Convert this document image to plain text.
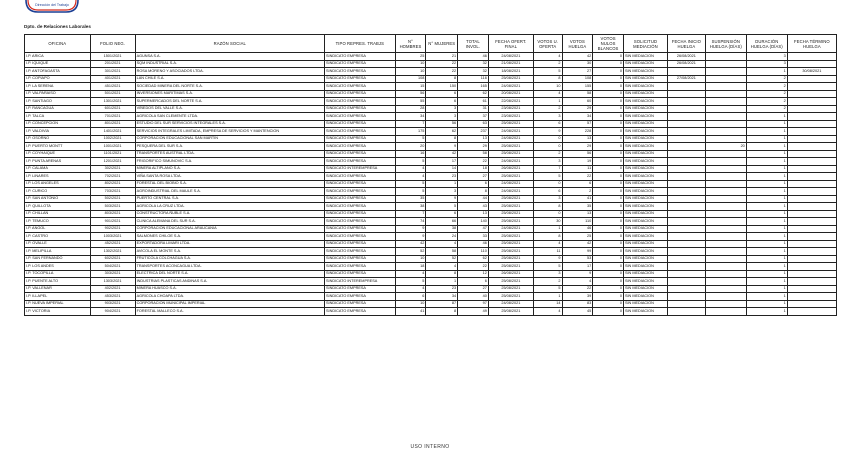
Dirección del Trabajo
Dpto. de Relaciones Laborales
OFICINA	FOLIO NEG.	RAZÓN SOCIAL	TIPO REPRES. TRABJS	N° HOMBRES	N° MUJERES	TOTAL INVOL.	FECHA OFERT. FINAL	VOTOS U. OFERTA	VOTOS HUELGA	VOTOS NULOS BLANCOS	SOLICITUD MEDIACIÓN	FECHA INICIO HUELGA	SUSPENSIÓN HUELGA (DÍAS)	DURACIÓN HUELGA (DÍAS)	FECHA TÉRMINO HUELGA
I.P. ARICA	1501/2021	AGUNSA S.A.	SINDICATO EMPRESA	25	21	46	24/08/2021	4	42	0	SIN MEDIACION	26/08/2021		3	
I.P. IQUIQUE	201/2021	SQM INDUSTRIAL S.A.	SINDICATO EMPRESA	10	22	32	21/08/2021	2	30	0	SIN MEDIACION	26/08/2021		3	
I.P. ANTOFAGASTA	301/2021	ROSA MORENO Y ASOCIADOS LTDA.	SINDICATO EMPRESA	10	22	32	18/08/2021	5	27	0	SIN MEDIACION			1	30/08/2021
I.P. COPIAPO	401/2021	LAN CHILE S.A.	SINDICATO EMPRESA	108	8	116	25/08/2021	8	108	0	SIN MEDIACION	27/08/2021		2	
I.P. LA SERENA	451/2021	SOCIEDAD MINERA DEL NORTE S.A.	SINDICATO EMPRESA	15	150	165	24/08/2021	10	155	0	SIN MEDIACION			2	
I.P. VALPARAISO	501/2021	INVERSIONES MARITIMAS S.A.	SINDICATO EMPRESA	56	6	62	20/08/2021	4	58	0	SIN MEDIACION			2	
I.P. SANTIAGO	1301/2021	SUPERMERCADOS DEL NORTE S.A.	SINDICATO EMPRESA	55	6	61	22/08/2021	1	60	0	SIN MEDIACION			2	
I.P. RANCAGUA	601/2021	VIÑEDOS DEL VALLE S.A.	SINDICATO EMPRESA	28	3	31	23/08/2021	2	29	0	SIN MEDIACION			2	
I.P. TALCA	701/2021	AGRICOLA SAN CLEMENTE LTDA.	SINDICATO EMPRESA	34	3	37	23/08/2021	3	34	0	SIN MEDIACION			1	
I.P. CONCEPCION	801/2021	ESTUDIO DEL SUR SERVICIOS INTEGRALES S.A.	SINDICATO EMPRESA	7	56	63	25/08/2021	6	57	0	SIN MEDIACION			1	
I.P. VALDIVIA	1401/2021	SERVICIOS INTEGRALES LIMITADA, EMPRESA DE SERVICIOS Y MANTENCION	SINDICATO EMPRESA	175	62	237	24/08/2021	9	228	0	SIN MEDIACION			1	
I.P. OSORNO	1002/2021	CORPORACION EDUCACIONAL SAN MARTIN	SINDICATO EMPRESA	5	8	13	24/08/2021	0	13	0	SIN MEDIACION			1	
I.P. PUERTO MONTT	1001/2021	PESQUERA DEL SUR S.A.	SINDICATO EMPRESA	20	9	29	25/08/2021	0	29	0	SIN MEDIACION		20	1	
I.P. COYHAIQUE	1101/2021	TRANSPORTES AUSTRAL LTDA.	SINDICATO EMPRESA	16	42	58	25/08/2021	2	56	0	SIN MEDIACION			1	
I.P. PUNTA ARENAS	1201/2021	FRIGORIFICO SIMUNOVIC S.A.	SINDICATO EMPRESA	5	17	22	24/08/2021	3	19	0	SIN MEDIACION			1	
I.P. CALAMA	302/2021	MINERA ALTIPLANO S.A.	SINDICATO INTEREMPRESA	4	14	18	26/08/2021	7	11	0	SIN MEDIACION			1	
I.P. LINARES	702/2021	VIÑA SANTA ROSA LTDA.	SINDICATO EMPRESA	4	23	27	25/08/2021	5	22	0	SIN MEDIACION			1	
I.P. LOS ANGELES	802/2021	FORESTAL DEL BIOBIO S.A.	SINDICATO EMPRESA	5	1	6	24/08/2021	0	6	0	SIN MEDIACION			1	
I.P. CURICO	703/2021	AGROINDUSTRIAL DEL MAULE S.A.	SINDICATO EMPRESA	5	3	8	24/08/2021	6	2	0	SIN MEDIACION			1	
I.P. SAN ANTONIO	502/2021	PUERTO CENTRAL S.A.	SINDICATO EMPRESA	35	9	44	25/08/2021	3	41	0	SIN MEDIACION			1	
I.P. QUILLOTA	503/2021	AGRICOLA LA CRUZ LTDA.	SINDICATO EMPRESA	38	5	43	25/08/2021	8	35	0	SIN MEDIACION			1	
I.P. CHILLAN	803/2021	CONSTRUCTORA ÑUBLE S.A.	SINDICATO EMPRESA	7	6	13	25/08/2021	0	13	0	SIN MEDIACION			1	
I.P. TEMUCO	901/2021	CLINICA ALEMANA DEL SUR S.A.	SINDICATO EMPRESA	74	66	140	25/08/2021	30	110	0	SIN MEDIACION			1	
I.P. ANGOL	902/2021	CORPORACION EDUCACIONAL ARAUCANIA	SINDICATO EMPRESA	9	38	47	24/08/2021	1	46	0	SIN MEDIACION			1	
I.P. CASTRO	1003/2021	SALMONES CHILOE S.A.	SINDICATO EMPRESA	9	24	33	25/08/2021	8	25	0	SIN MEDIACION			1	
I.P. OVALLE	452/2021	EXPORTADORA LIMARI LTDA.	SINDICATO EMPRESA	42	4	46	25/08/2021	4	42	0	SIN MEDIACION			1	
I.P. MELIPILLA	1302/2021	AVICOLA EL MONTE S.A.	SINDICATO EMPRESA	52	58	110	25/08/2021	11	99	0	SIN MEDIACION			1	
I.P. SAN FERNANDO	602/2021	FRUTICOLA COLCHAGUA S.A.	SINDICATO EMPRESA	10	52	62	25/08/2021	9	53	0	SIN MEDIACION			1	
I.P. LOS ANDES	504/2021	TRANSPORTES ACONCAGUA LTDA.	SINDICATO EMPRESA	18	4	22	25/08/2021	5	17	0	SIN MEDIACION			1	
I.P. TOCOPILLA	303/2021	ELECTRICA DEL NORTE S.A.	SINDICATO EMPRESA	4	8	12	26/08/2021	3	9	0	SIN MEDIACION			1	
I.P. PUENTE ALTO	1303/2021	INDUSTRIAS PLASTICAS ANDINAS S.A.	SINDICATO INTEREMPRESA	5	1	6	25/08/2021	2	4	0	SIN MEDIACION			1	
I.P. VALLENAR	402/2021	MINERA HUASCO S.A.	SINDICATO EMPRESA	4	23	27	25/08/2021	5	22	0	SIN MEDIACION			1	
I.P. ILLAPEL	453/2021	AGRICOLA CHOAPA LTDA.	SINDICATO EMPRESA	6	34	40	25/08/2021	1	39	0	SIN MEDIACION			1	
I.P. NUEVA IMPERIAL	903/2021	CORPORACION MUNICIPAL IMPERIAL	SINDICATO EMPRESA	10	87	97	24/08/2021	14	83	0	SIN MEDIACION			1	
I.P. VICTORIA	904/2021	FORESTAL MALLECO S.A.	SINDICATO EMPRESA	41	8	49	25/08/2021	4	45	0	SIN MEDIACION			1	
USO INTERNO
